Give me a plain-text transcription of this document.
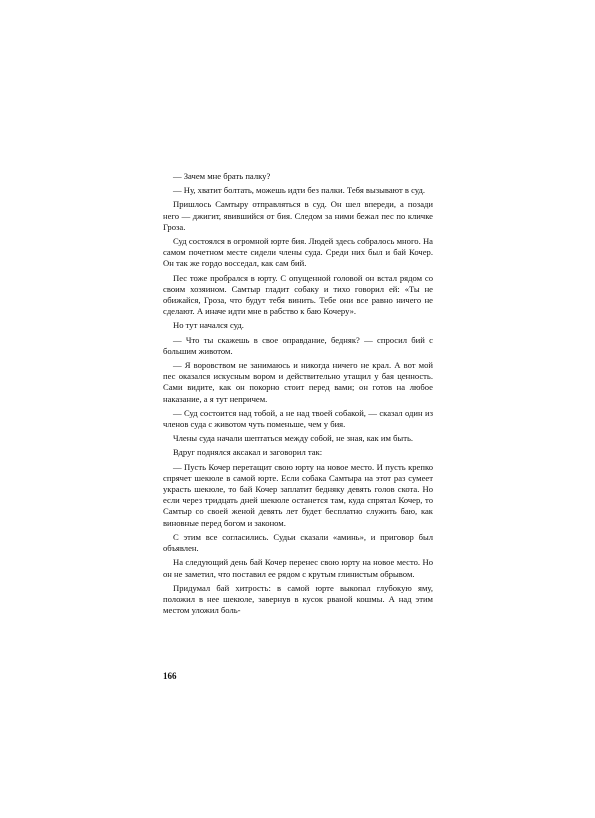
— Зачем мне брать палку?

— Ну, хватит болтать, можешь идти без палки. Тебя вызывают в суд.

Пришлось Самтыру отправляться в суд. Он шел впереди, а позади него — джигит, явившийся от бия. Следом за ними бежал пес по кличке Гроза.

Суд состоялся в огромной юрте бия. Людей здесь собралось много. На самом почетном месте сидели члены суда. Среди них был и бай Кочер. Он так же гордо восседал, как сам бий.

Пес тоже пробрался в юрту. С опущенной головой он встал рядом со своим хозяином. Самтыр гладит собаку и тихо говорил ей: «Ты не обижайся, Гроза, что будут тебя винить. Тебе они все равно ничего не сделают. А иначе идти мне в рабство к баю Кочеру».

Но тут начался суд.

— Что ты скажешь в свое оправдание, бедняк? — спросил бий с большим животом.

— Я воровством не занимаюсь и никогда ничего не крал. А вот мой пес оказался искусным вором и действительно утащил у бая ценность. Сами видите, как он покорно стоит перед вами; он готов на любое наказание, а я тут непричем.

— Суд состоится над тобой, а не над твоей собакой, — сказал один из членов суда с животом чуть поменьше, чем у бия.

Члены суда начали шептаться между собой, не зная, как им быть.

Вдруг поднялся аксакал и заговорил так:

— Пусть Кочер перетащит свою юрту на новое место. И пусть крепко спрячет шекюле в самой юрте. Если собака Самтыра на этот раз сумеет украсть шекюле, то бай Кочер заплатит бедняку девять голов скота. Но если через тридцать дней шекюле останется там, куда спрятал Кочер, то Самтыр со своей женой девять лет будет бесплатно служить баю, как виновные перед богом и законом.

С этим все согласились. Судьи сказали «аминь», и приговор был объявлен.

На следующий день бай Кочер перенес свою юрту на новое место. Но он не заметил, что поставил ее рядом с крутым глинистым обрывом.

Придумал бай хитрость: в самой юрте выкопал глубокую яму, положил в нее шекюле, завернув в кусок рваной кошмы. А над этим местом уложил боль-

166
